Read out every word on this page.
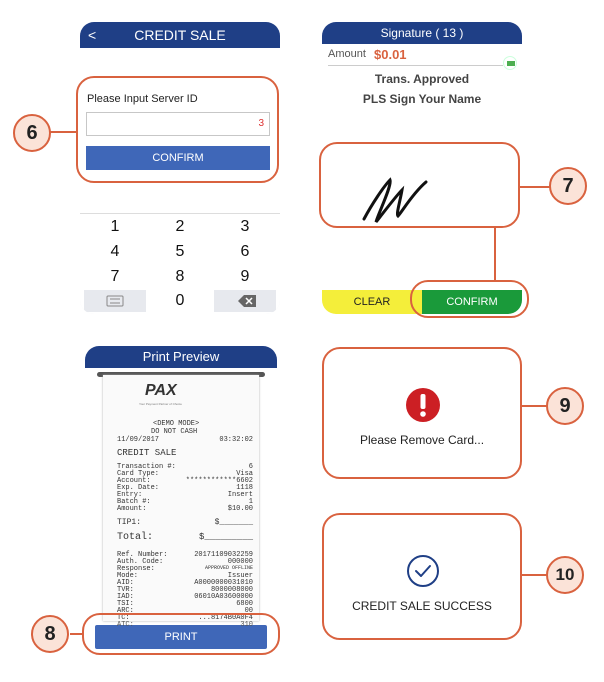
<	CREDIT SALE
Please Input Server ID
3
CONFIRM
1	2	3
4	5	6
7	8	9
0
6
Signature ( 13 )
Amount $0.01
Trans. Approved
PLS Sign Your Name
CLEAR	CONFIRM
7
Print Preview
PAX
Your Payment Partner of Choice
<DEMO MODE>
DO NOT CASH
11/09/2017	03:32:02
CREDIT SALE
Transaction #:	6
Card Type:	Visa
Account:	************6602
Exp. Date:	1118
Entry:	Insert
Batch #:	1
Amount:	$10.00
TIP1:	$_______
Total:	$_________
Ref. Number:	20171109032259
Auth. Code:	000000
Response:	APPROVED OFFLINE
Mode:	Issuer
AID:	A0000000031010
TVR:	8000008000
IAD:	06010A03600000
TSI:	6800
ARC:	00
TC:	...8174B0A0F4
PRINT
ATC:	310
8
Please Remove Card...
9
CREDIT SALE SUCCESS
10
